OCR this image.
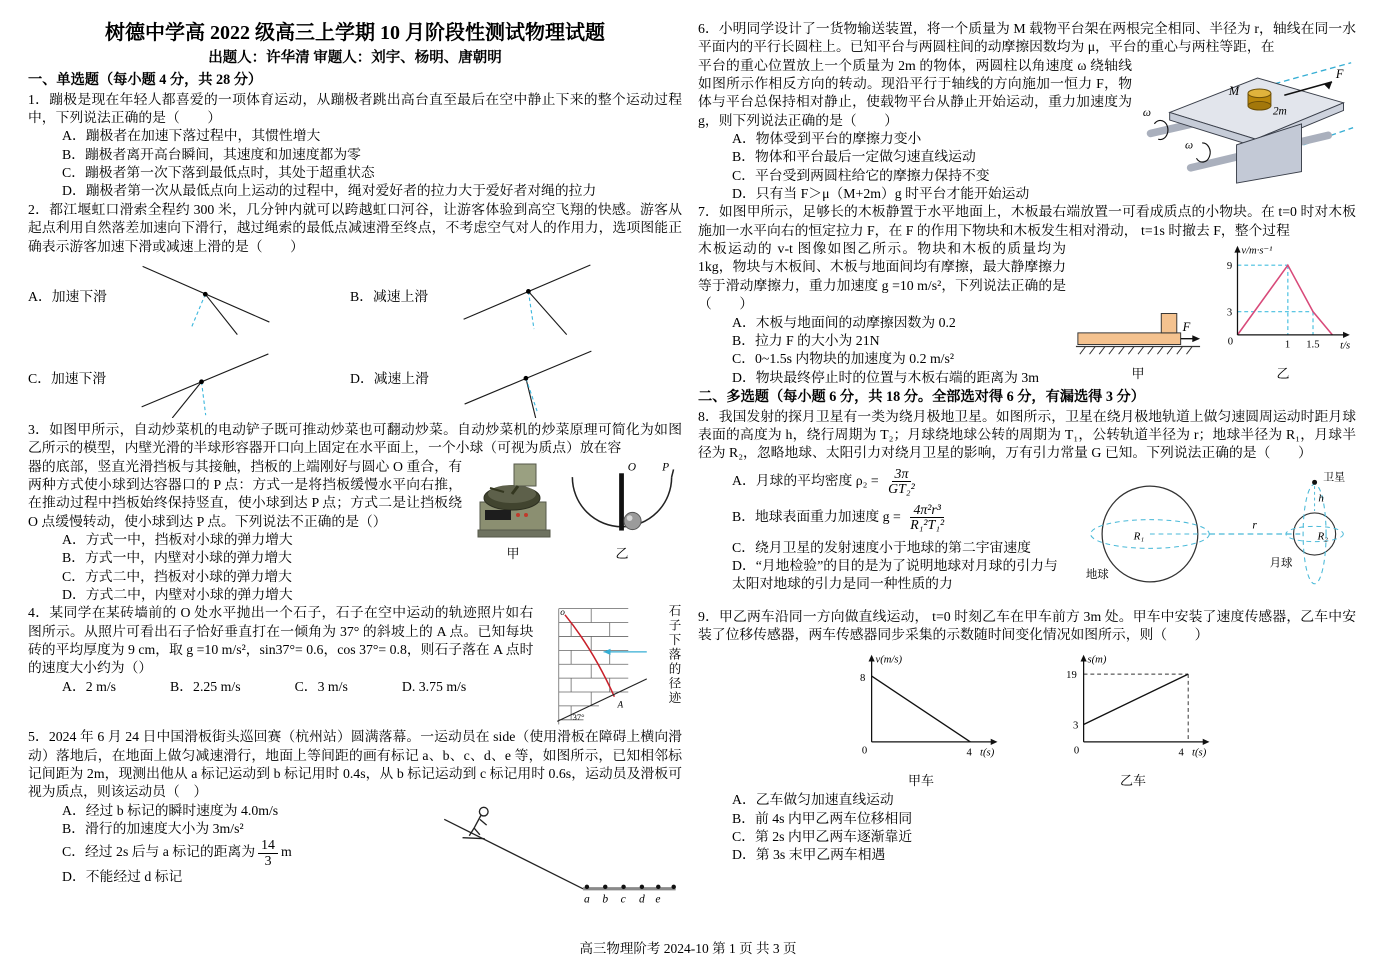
树德中学高 2022 级高三上学期 10 月阶段性测试物理试题
出题人：许华清 审题人：刘宇、杨明、唐朝明
一、单选题（每小题 4 分，共 28 分）

1．蹦极是现在年轻人都喜爱的一项体育运动，从蹦极者跳出高台直至最后在空中静止下来的整个运动过程中，下列说法正确的是（　　）

A．蹦极者在加速下落过程中，其惯性增大
B．蹦极者离开高台瞬间，其速度和加速度都为零
C．蹦极者第一次下落到最低点时，其处于超重状态
D．蹦极者第一次从最低点向上运动的过程中，绳对爱好者的拉力大于爱好者对绳的拉力

2．都江堰虹口滑索全程约 300 米，几分钟内就可以跨越虹口河谷，让游客体验到高空飞翔的快感。游客从起点利用自然落差加速向下滑行，越过绳索的最低点减速滑至终点，不考虑空气对人的作用力，选项图能正确表示游客加速下滑或减速上滑的是（　　）

A．加速下滑	B．减速上滑
C．加速下滑	D．减速上滑

3．如图甲所示，自动炒菜机的电动铲子既可推动炒菜也可翻动炒菜。自动炒菜机的炒菜原理可简化为如图乙所示的模型，内壁光滑的半球形容器开口向上固定在水平面上，一个小球（可视为质点）放在容

甲
O P
乙

器的底部，竖直光滑挡板与其接触，挡板的上端刚好与圆心 O 重合，有两种方式使小球到达容器口的 P 点：方式一是将挡板缓慢水平向右推，在推动过程中挡板始终保持竖直，使小球到达 P 点；方式二是让挡板绕 O 点缓慢转动，使小球到达 P 点。下列说法不正确的是（）

A．方式一中，挡板对小球的弹力增大
B．方式一中，内壁对小球的弹力增大
C．方式二中，挡板对小球的弹力增大
D．方式二中，内壁对小球的弹力增大
o
A
37°
石子下落的径迹

4．某同学在某砖墙前的 O 处水平抛出一个石子，石子在空中运动的轨迹照片如右图所示。从照片可看出石子恰好垂直打在一倾角为 37° 的斜坡上的 A 点。已知每块砖的平均厚度为 9 cm，取 g =10 m/s²，sin37°= 0.6，cos 37°= 0.8，则石子落在 A 点时的速度大小约为（）

A．2 m/s	B．2.25 m/s	C．3 m/s	D. 3.75 m/s

5．2024 年 6 月 24 日中国滑板街头巡回赛（杭州站）圆满落幕。一运动员在 side（使用滑板在障碍上横向滑动）落地后，在地面上做匀减速滑行，地面上等间距的画有标记 a、b、c、d、e 等，如图所示，已知相邻标记间距为 2m，现测出他从 a 标记运动到 b 标记用时 0.4s，从 b 标记运动到 c 标记用时 0.6s，运动员及滑板可视为质点，则该运动员（　）

a b c d e
A．经过 b 标记的瞬时速度为 4.0m/s
B．滑行的加速度大小为 3m/s²
C．经过 2s 后与 a 标记的距离为 $\frac{14}{3}$ m
D．不能经过 d 标记

6．小明同学设计了一货物输送装置，将一个质量为 M 载物平台架在两根完全相同、半径为 r，轴线在同一水平面内的平行长圆柱上。已知平台与两圆柱间的动摩擦因数均为 μ，平台的重心与两柱等距，在

ω
ω
M
2m
F

平台的重心位置放上一个质量为 2m 的物体，两圆柱以角速度 ω 绕轴线如图所示作相反方向的转动。现沿平行于轴线的方向施加一恒力 F，物体与平台总保持相对静止，使载物平台从静止开始运动，重力加速度为 g，则下列说法正确的是（　　）

A．物体受到平台的摩擦力变小
B．物体和平台最后一定做匀速直线运动
C．平台受到两圆柱给它的摩擦力保持不变
D．只有当 F＞μ（M+2m）g 时平台才能开始运动

7．如图甲所示，足够长的木板静置于水平地面上，木板最右端放置一可看成质点的小物块。在 t=0 时对木板施加一水平向右的恒定拉力 F，在 F 的作用下物块和木板发生相对滑动， t=1s 时撤去 F，整个过程

F
甲
v/m·s⁻¹
t/s
9
3
1 1.5
0
乙

木板运动的 v-t 图像如图乙所示。物块和木板的质量均为 1kg，物块与木板间、木板与地面间均有摩擦，最大静摩擦力等于滑动摩擦力，重力加速度 g =10 m/s²，下列说法正确的是（　　）

A．木板与地面间的动摩擦因数为 0.2
B．拉力 F 的大小为 21N
C．0~1.5s 内物块的加速度为 0.2 m/s²
D．物块最终停止时的位置与木板右端的距离为 3m
二、多选题（每小题 6 分，共 18 分。全部选对得 6 分，有漏选得 3 分）

8．我国发射的探月卫星有一类为绕月极地卫星。如图所示，卫星在绕月极地轨道上做匀速圆周运动时距月球表面的高度为 h，绕行周期为 T₂；月球绕地球公转的周期为 T₁，公转轨道半径为 r；地球半径为 R₁，月球半径为 R₂，忽略地球、太阳引力对绕月卫星的影响，万有引力常量 G 已知。下列说法正确的是（　　）

卫星
h
R₁	R₂
r
地球
月球
A．月球的平均密度 $\rho_2 = \frac{3\pi}{\text{GT₂²}}$
B．地球表面重力加速度 $g = \frac{\text{4π²r³}}{\text{R₁²T₁²}}$
C．绕月卫星的发射速度小于地球的第二宇宙速度
D．“月地检验”的目的是为了说明地球对月球的引力与太阳对地球的引力是同一种性质的力

9．甲乙两车沿同一方向做直线运动， t=0 时刻乙车在甲车前方 3m 处。甲车中安装了速度传感器，乙车中安装了位移传感器，两车传感器同步采集的示数随时间变化情况如图所示，则（　　）

v(m/s)
8
4
0	t(s)
甲车
s(m)
19
3
4
0	t(s)
乙车
A．乙车做匀加速直线运动
B．前 4s 内甲乙两车位移相同
C．第 2s 内甲乙两车逐渐靠近
D．第 3s 末甲乙两车相遇
高三物理阶考 2024-10 第 1 页 共 3 页
